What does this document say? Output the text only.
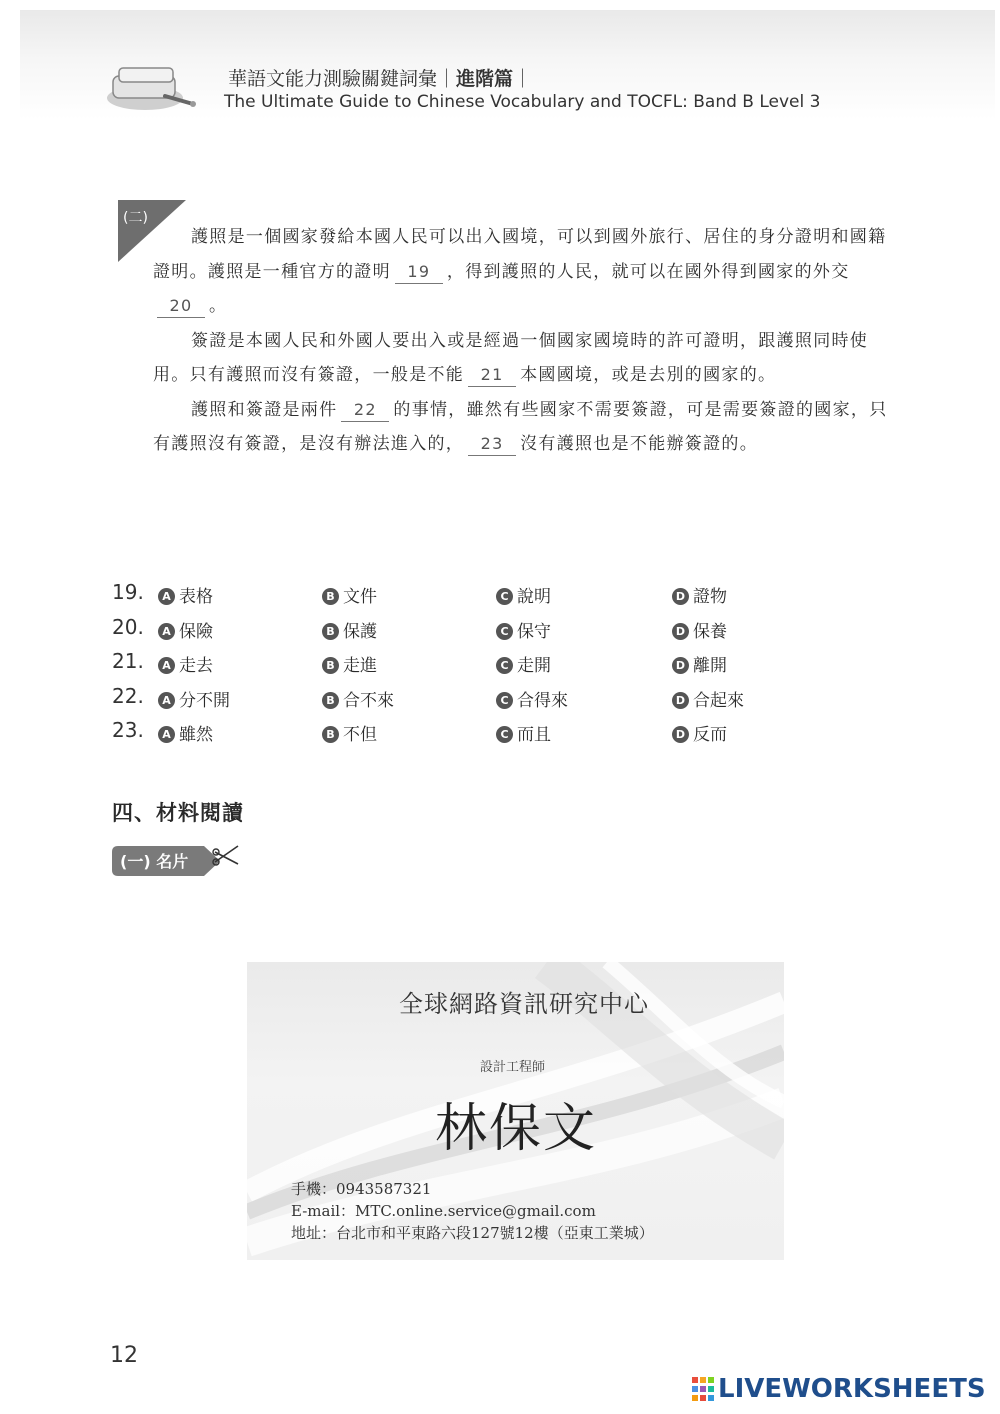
華語文能力測驗關鍵詞彙｜進階篇｜
The Ultimate Guide to Chinese Vocabulary and TOCFL: Band B Level 3
(二)

護照是一個國家發給本國人民可以出入國境，可以到國外旅行、居住的身分證明和國籍證明。護照是一種官方的證明 19 ，得到護照的人民，就可以在國外得到國家的外交20 。

簽證是本國人民和外國人要出入或是經過一個國家國境時的許可證明，跟護照同時使用。只有護照而沒有簽證，一般是不能 21 本國國境，或是去別的國家的。

護照和簽證是兩件 22 的事情，雖然有些國家不需要簽證，可是需要簽證的國家，只有護照沒有簽證，是沒有辦法進入的， 23 沒有護照也是不能辦簽證的。

19.	A 表格	B 文件	C 說明	D 證物
20.	A 保險	B 保護	C 保守	D 保養
21.	A 走去	B 走進	C 走開	D 離開
22.	A 分不開	B 合不來	C 合得來	D 合起來
23.	A 雖然	B 不但	C 而且	D 反而
四、材料閱讀
(一) 名片
全球網路資訊研究中心
設計工程師
林保文
手機：0943587321
E-mail：MTC.online.service@gmail.com
地址：台北市和平東路六段127號12樓（亞東工業城）
12
LIVEWORKSHEETS
